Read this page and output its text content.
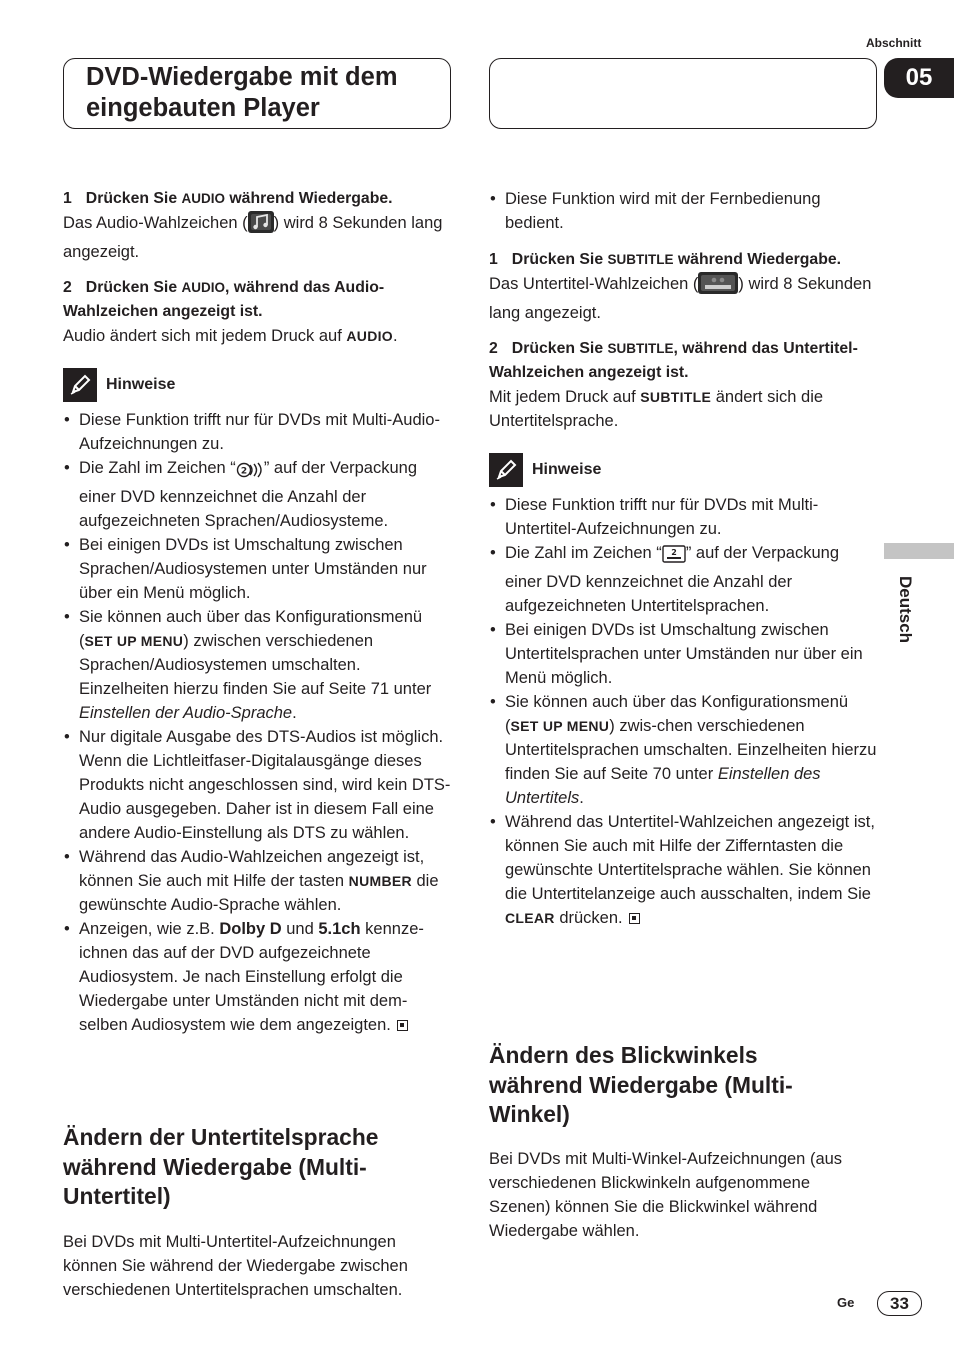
DVD-Wiedergabe mit dem
eingebauten Player
Abschnitt
05
Deutsch
1 Drücken Sie AUDIO während Wiedergabe.

Das Audio-Wahlzeichen ( ) wird 8 Sekunden lang angezeigt.

2 Drücken Sie AUDIO, während das Audio-Wahlzeichen angezeigt ist.

Audio ändert sich mit jedem Druck auf AUDIO.

Hinweise
• Diese Funktion trifft nur für DVDs mit Multi-Audio-Aufzeichnungen zu.
• Die Zahl im Zeichen “ 2 ” auf der Verpackung einer DVD kennzeichnet die Anzahl der aufgezeichneten Sprachen/Audiosysteme.
• Bei einigen DVDs ist Umschaltung zwischen Sprachen/Audiosystemen unter Umständen nur über ein Menü möglich.
• Sie können auch über das Konfigurationsmenü (SET UP MENU) zwischen verschiedenen Sprachen/Audiosystemen umschalten. Einzelheiten hierzu finden Sie auf Seite 71 unter Einstellen der Audio-Sprache.
• Nur digitale Ausgabe des DTS-Audios ist möglich. Wenn die Lichtleitfaser-Digitalausgänge dieses Produkts nicht angeschlossen sind, wird kein DTS-Audio ausgegeben. Daher ist in diesem Fall eine andere Audio-Einstellung als DTS zu wählen.
• Während das Audio-Wahlzeichen angezeigt ist, können Sie auch mit Hilfe der tasten NUMBER die gewünschte Audio-Sprache wählen.
• Anzeigen, wie z.B. Dolby D und 5.1ch kennze-ichnen das auf der DVD aufgezeichnete Audiosystem. Je nach Einstellung erfolgt die Wiedergabe unter Umständen nicht mit dem-selben Audiosystem wie dem angezeigten.
Ändern der Untertitelsprache während Wiedergabe (Multi-Untertitel)
Bei DVDs mit Multi-Untertitel-Aufzeichnungen können Sie während der Wiedergabe zwischen verschiedenen Untertitelsprachen umschalten.
• Diese Funktion wird mit der Fernbedienung bedient.
1 Drücken Sie SUBTITLE während Wiedergabe.

Das Untertitel-Wahlzeichen ( ) wird 8 Sekunden lang angezeigt.

2 Drücken Sie SUBTITLE, während das Untertitel-Wahlzeichen angezeigt ist.

Mit jedem Druck auf SUBTITLE ändert sich die Untertitelsprache.

Hinweise
• Diese Funktion trifft nur für DVDs mit Multi-Untertitel-Aufzeichnungen zu.
• Die Zahl im Zeichen “ 2 ” auf der Verpackung einer DVD kennzeichnet die Anzahl der aufgezeichneten Untertitelsprachen.
• Bei einigen DVDs ist Umschaltung zwischen Untertitelsprachen unter Umständen nur über ein Menü möglich.
• Sie können auch über das Konfigurationsmenü (SET UP MENU) zwis-chen verschiedenen Untertitelsprachen umschalten. Einzelheiten hierzu finden Sie auf Seite 70 unter Einstellen des Untertitels.
• Während das Untertitel-Wahlzeichen angezeigt ist, können Sie auch mit Hilfe der Zifferntasten die gewünschte Untertitelsprache wählen. Sie können die Untertitelanzeige auch ausschalten, indem Sie CLEAR drücken.
Ändern des Blickwinkels während Wiedergabe (Multi-Winkel)
Bei DVDs mit Multi-Winkel-Aufzeichnungen (aus verschiedenen Blickwinkeln aufgenommene Szenen) können Sie die Blickwinkel während Wiedergabe wählen.
Ge	33
